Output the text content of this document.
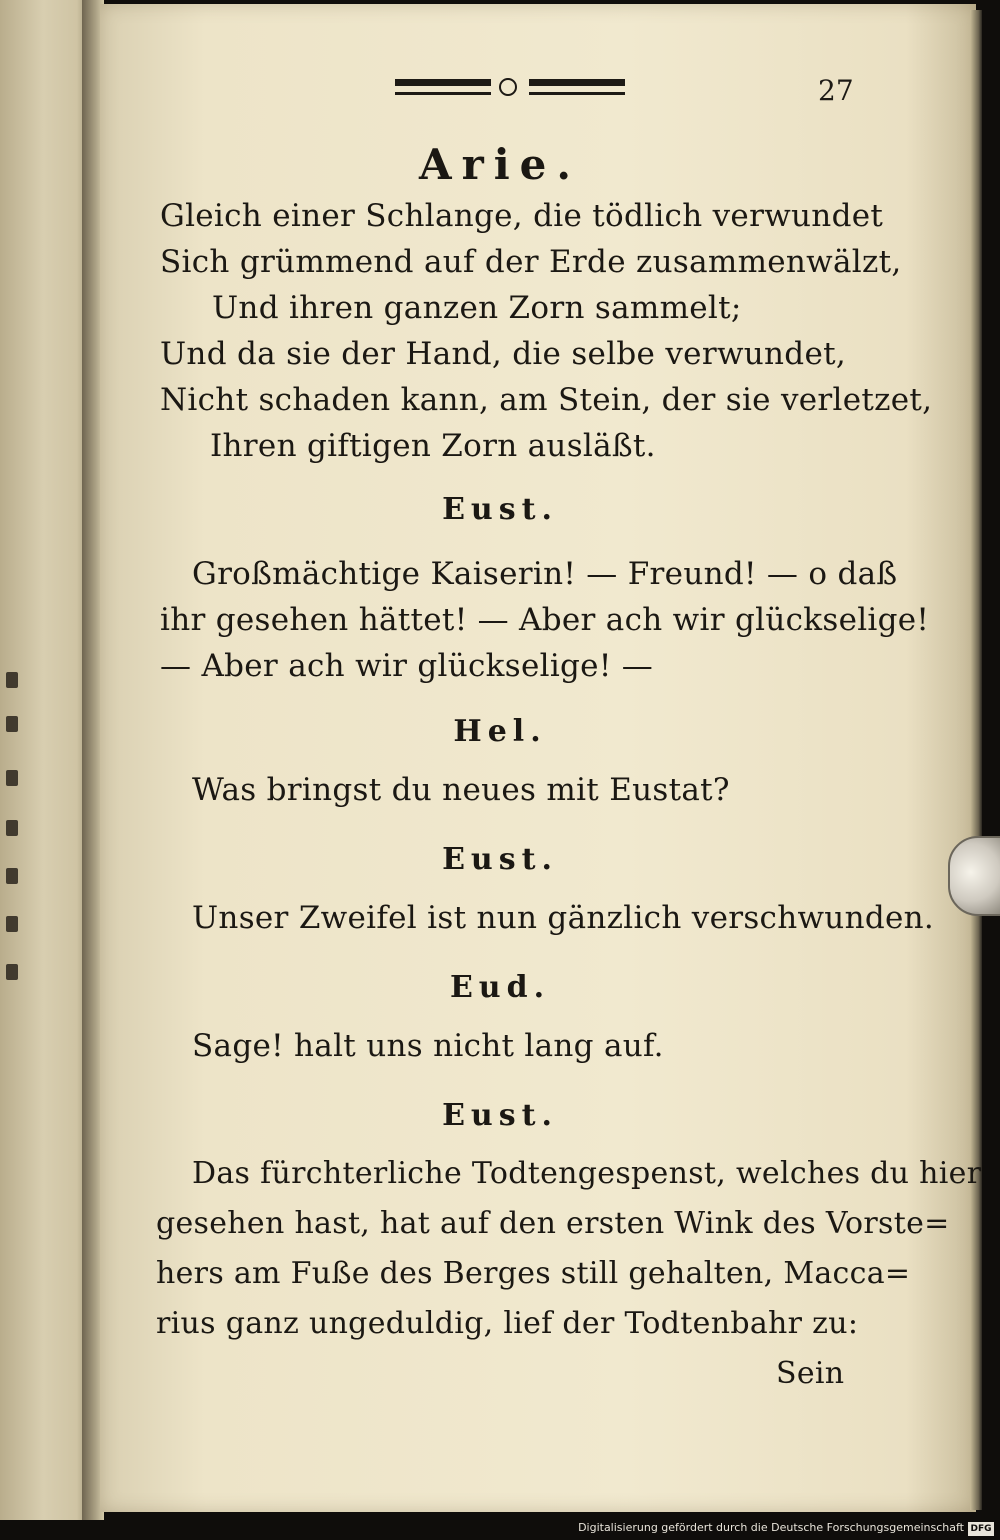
27
Arie.
Gleich einer Schlange, die tödlich verwundet
Sich grümmend auf der Erde zusammenwälzt,
Und ihren ganzen Zorn sammelt;
Und da sie der Hand, die selbe verwundet,
Nicht schaden kann, am Stein, der sie verletzet,
Ihren giftigen Zorn ausläßt.
Eust.
Großmächtige Kaiserin! — Freund! — o daß
ihr gesehen hättet! — Aber ach wir glückselige!
— Aber ach wir glückselige! —
Hel.
Was bringst du neues mit Eustat?
Eust.
Unser Zweifel ist nun gänzlich verschwunden.
Eud.
Sage! halt uns nicht lang auf.
Eust.
Das fürchterliche Todtengespenst, welches du hier
gesehen hast, hat auf den ersten Wink des Vorste=
hers am Fuße des Berges still gehalten, Macca=
rius ganz ungeduldig, lief der Todtenbahr zu:
Sein
Digitalisierung gefördert durch die Deutsche Forschungsgemeinschaft DFG
